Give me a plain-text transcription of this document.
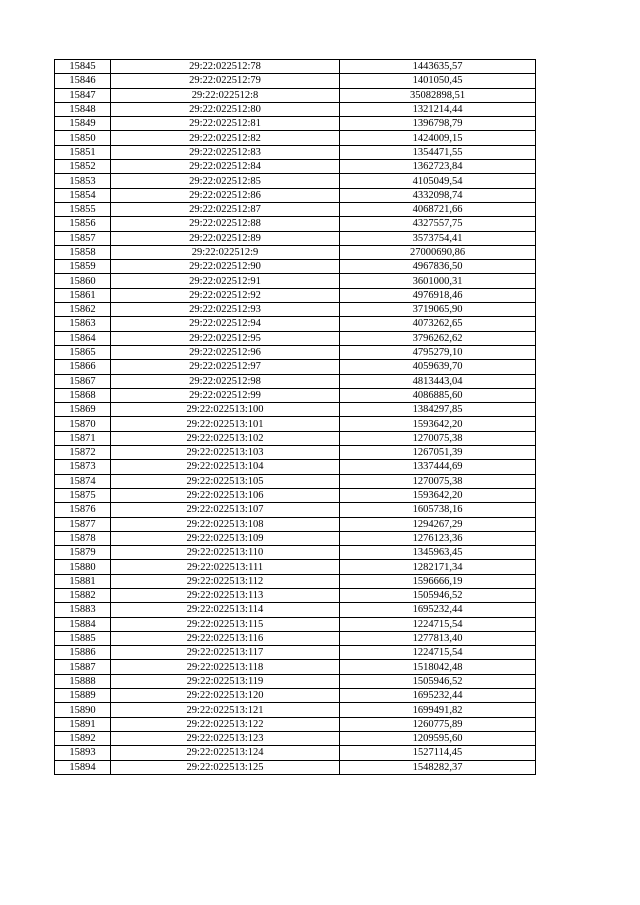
15845	29:22:022512:78	1443635,57
15846	29:22:022512:79	1401050,45
15847	29:22:022512:8	35082898,51
15848	29:22:022512:80	1321214,44
15849	29:22:022512:81	1396798,79
15850	29:22:022512:82	1424009,15
15851	29:22:022512:83	1354471,55
15852	29:22:022512:84	1362723,84
15853	29:22:022512:85	4105049,54
15854	29:22:022512:86	4332098,74
15855	29:22:022512:87	4068721,66
15856	29:22:022512:88	4327557,75
15857	29:22:022512:89	3573754,41
15858	29:22:022512:9	27000690,86
15859	29:22:022512:90	4967836,50
15860	29:22:022512:91	3601000,31
15861	29:22:022512:92	4976918,46
15862	29:22:022512:93	3719065,90
15863	29:22:022512:94	4073262,65
15864	29:22:022512:95	3796262,62
15865	29:22:022512:96	4795279,10
15866	29:22:022512:97	4059639,70
15867	29:22:022512:98	4813443,04
15868	29:22:022512:99	4086885,60
15869	29:22:022513:100	1384297,85
15870	29:22:022513:101	1593642,20
15871	29:22:022513:102	1270075,38
15872	29:22:022513:103	1267051,39
15873	29:22:022513:104	1337444,69
15874	29:22:022513:105	1270075,38
15875	29:22:022513:106	1593642,20
15876	29:22:022513:107	1605738,16
15877	29:22:022513:108	1294267,29
15878	29:22:022513:109	1276123,36
15879	29:22:022513:110	1345963,45
15880	29:22:022513:111	1282171,34
15881	29:22:022513:112	1596666,19
15882	29:22:022513:113	1505946,52
15883	29:22:022513:114	1695232,44
15884	29:22:022513:115	1224715,54
15885	29:22:022513:116	1277813,40
15886	29:22:022513:117	1224715,54
15887	29:22:022513:118	1518042,48
15888	29:22:022513:119	1505946,52
15889	29:22:022513:120	1695232,44
15890	29:22:022513:121	1699491,82
15891	29:22:022513:122	1260775,89
15892	29:22:022513:123	1209595,60
15893	29:22:022513:124	1527114,45
15894	29:22:022513:125	1548282,37
